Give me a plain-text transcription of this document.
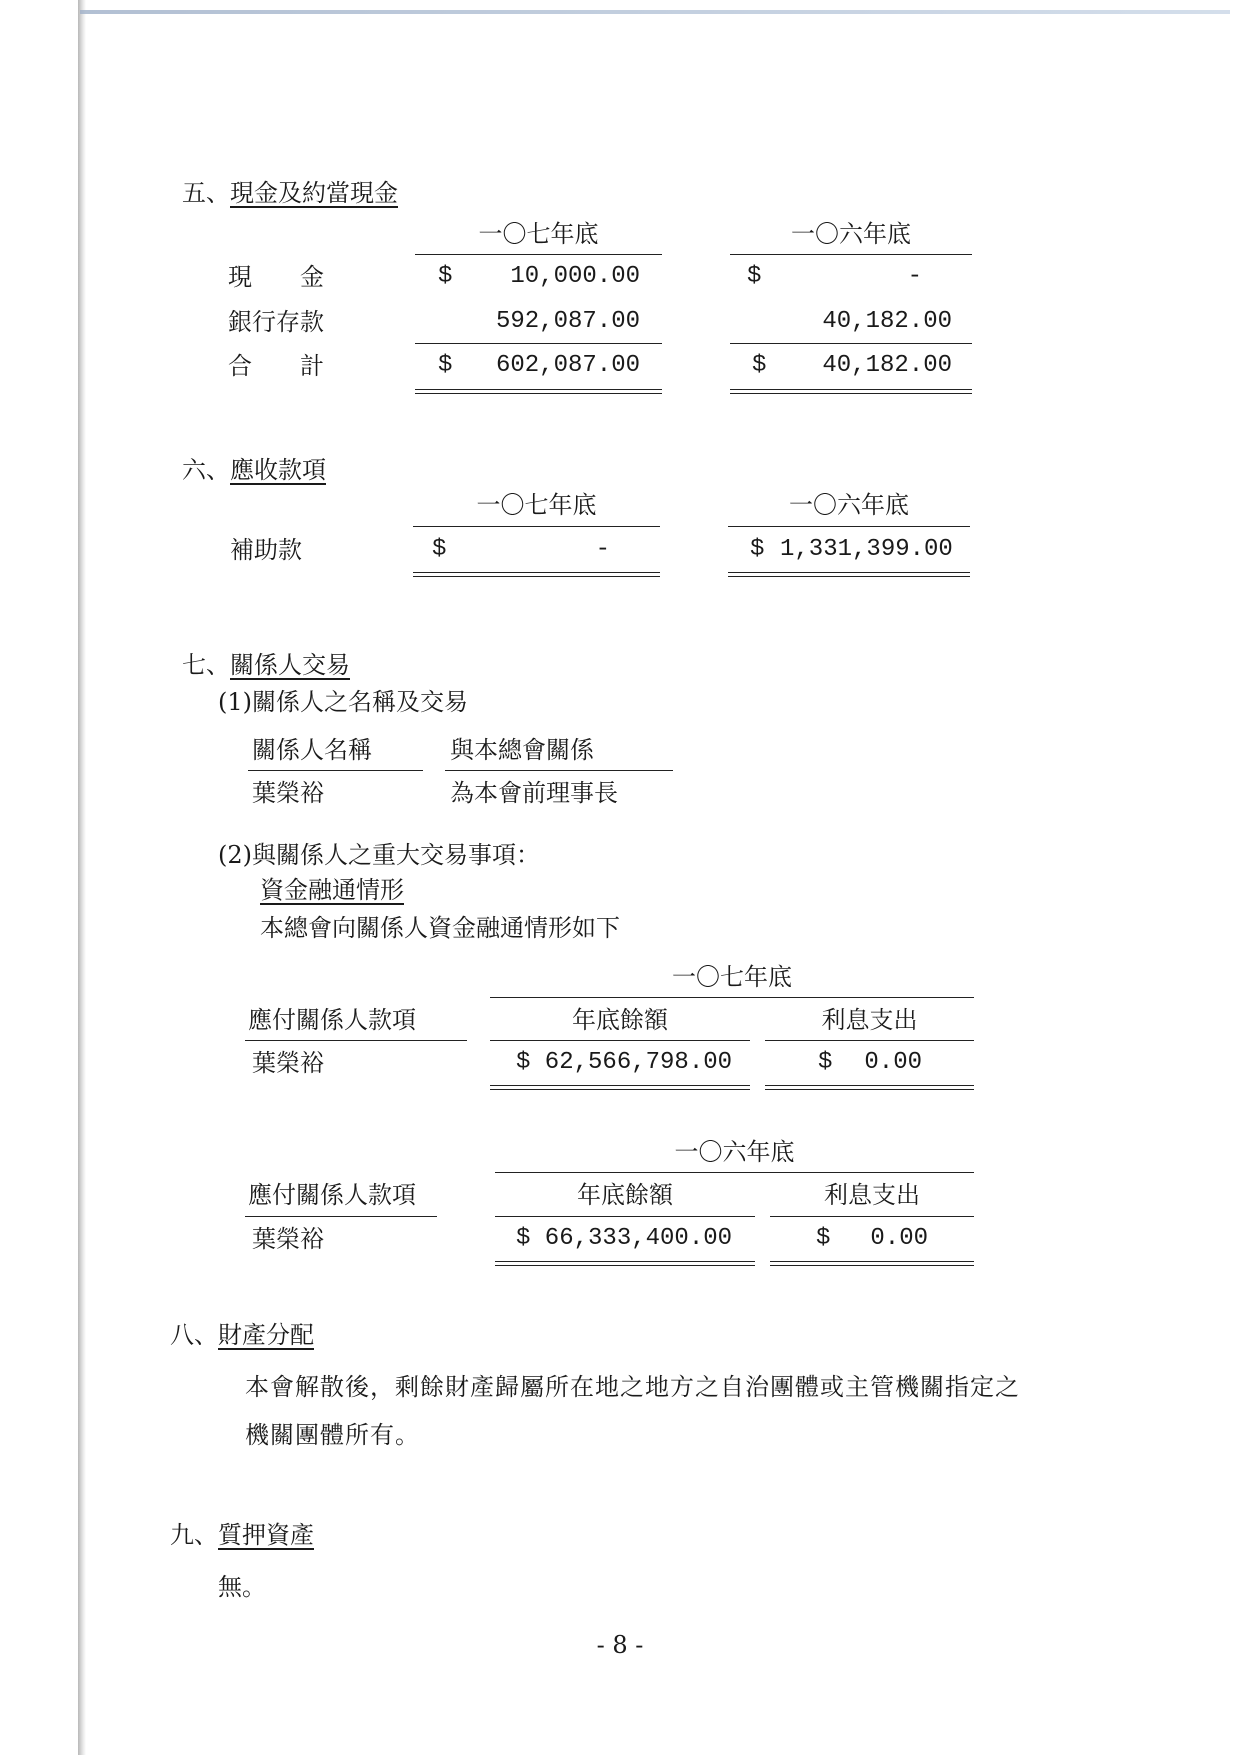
五、現金及約當現金
一〇七年底	一〇六年底
現　　金	$	10,000.00	$	-
銀行存款	592,087.00	40,182.00
合　　計	$	602,087.00	$	40,182.00
六、應收款項
一〇七年底	一〇六年底
補助款	$	-	$ 1,331,399.00
七、關係人交易
(1)關係人之名稱及交易
關係人名稱	與本總會關係
葉榮裕	為本會前理事長
(2)與關係人之重大交易事項：
資金融通情形
本總會向關係人資金融通情形如下
一〇七年底
應付關係人款項	年底餘額	利息支出
葉榮裕	$ 62,566,798.00	$ 0.00
一〇六年底
應付關係人款項	年底餘額	利息支出
葉榮裕	$ 66,333,400.00	$ 0.00
八、財產分配
本會解散後，剩餘財產歸屬所在地之地方之自治團體或主管機關指定之
機關團體所有。
九、質押資產
無。
- 8 -
